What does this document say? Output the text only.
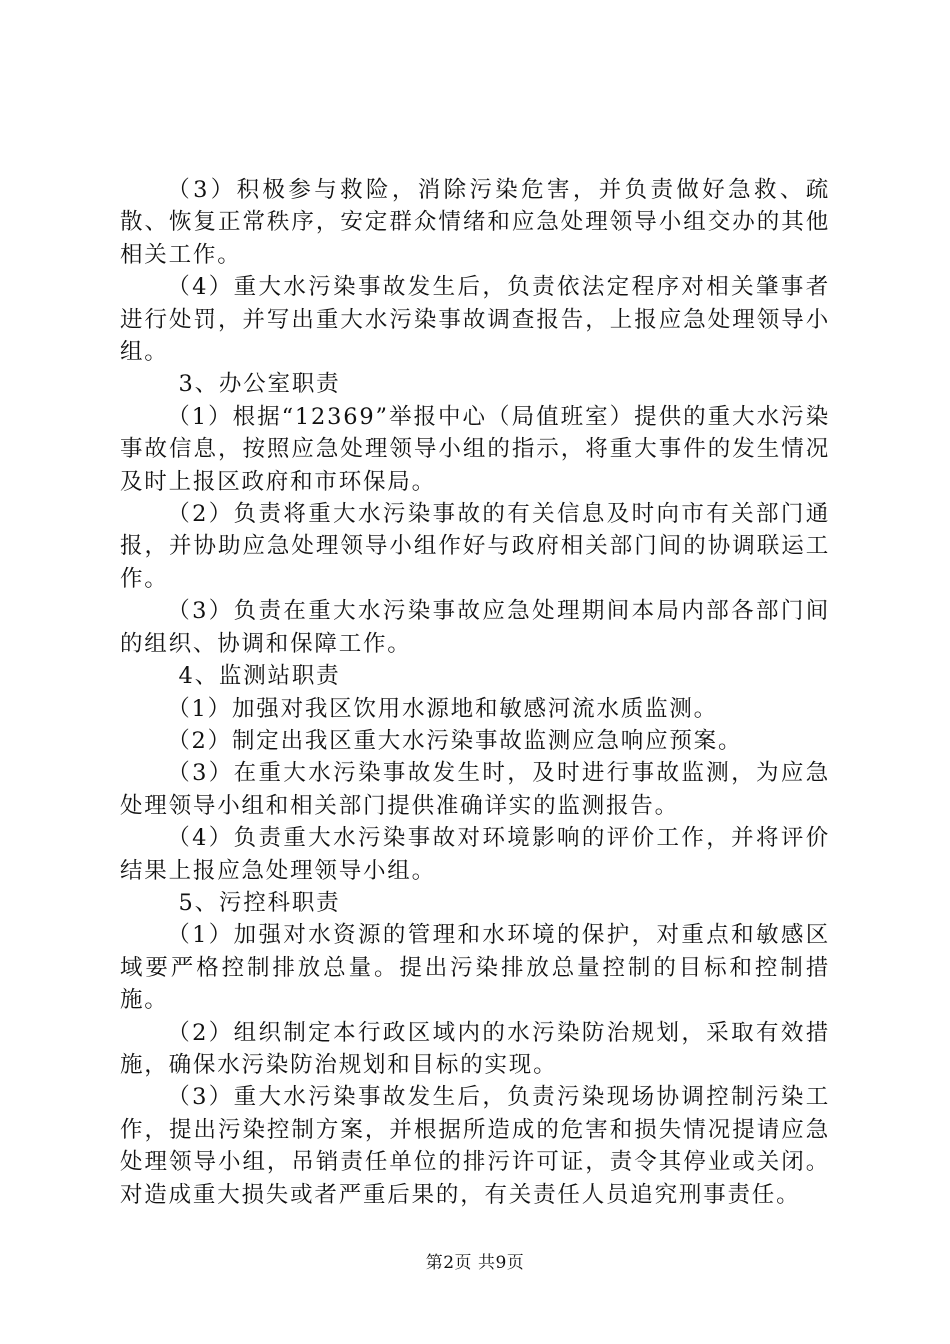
（3）积极参与救险，消除污染危害，并负责做好急救、疏散、恢复正常秩序，安定群众情绪和应急处理领导小组交办的其他相关工作。

（4）重大水污染事故发生后，负责依法定程序对相关肇事者进行处罚，并写出重大水污染事故调查报告，上报应急处理领导小组。

3、办公室职责

（1）根据“12369”举报中心（局值班室）提供的重大水污染事故信息，按照应急处理领导小组的指示，将重大事件的发生情况及时上报区政府和市环保局。

（2）负责将重大水污染事故的有关信息及时向市有关部门通报，并协助应急处理领导小组作好与政府相关部门间的协调联运工作。

（3）负责在重大水污染事故应急处理期间本局内部各部门间的组织、协调和保障工作。

4、监测站职责

（1）加强对我区饮用水源地和敏感河流水质监测。

（2）制定出我区重大水污染事故监测应急响应预案。

（3）在重大水污染事故发生时，及时进行事故监测，为应急处理领导小组和相关部门提供准确详实的监测报告。

（4）负责重大水污染事故对环境影响的评价工作，并将评价结果上报应急处理领导小组。

5、污控科职责

（1）加强对水资源的管理和水环境的保护，对重点和敏感区域要严格控制排放总量。提出污染排放总量控制的目标和控制措施。

（2）组织制定本行政区域内的水污染防治规划，采取有效措施，确保水污染防治规划和目标的实现。

（3）重大水污染事故发生后，负责污染现场协调控制污染工作，提出污染控制方案，并根据所造成的危害和损失情况提请应急处理领导小组，吊销责任单位的排污许可证，责令其停业或关闭。对造成重大损失或者严重后果的，有关责任人员追究刑事责任。

第2页 共9页
